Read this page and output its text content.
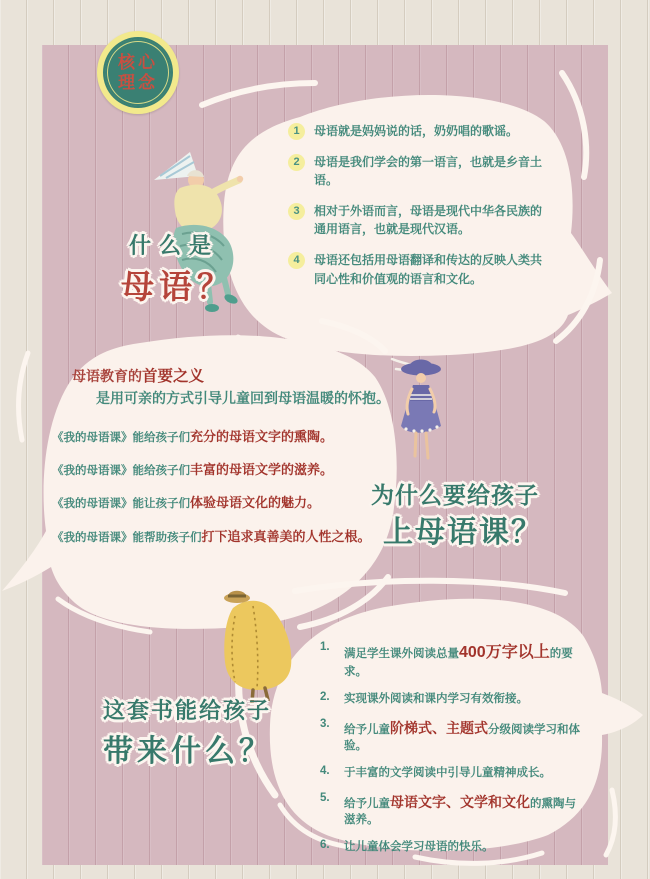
核心
理念
1	母语就是妈妈说的话，奶奶唱的歌谣。
2	母语是我们学会的第一语言，也就是乡音土语。
3	相对于外语而言，母语是现代中华各民族的通用语言，也就是现代汉语。
4	母语还包括用母语翻译和传达的反映人类共同心性和价值观的语言和文化。
什么是
母语？
母语教育的首要之义
是用可亲的方式引导儿童回到母语温暖的怀抱。
《我的母语课》能给孩子们充分的母语文字的熏陶。
《我的母语课》能给孩子们丰富的母语文学的滋养。
《我的母语课》能让孩子们体验母语文化的魅力。
《我的母语课》能帮助孩子们打下追求真善美的人性之根。
为什么要给孩子
上母语课？
1.
满足学生课外阅读总量400万字以上的要求。
2.	实现课外阅读和课内学习有效衔接。
3.	给予儿童阶梯式、主题式分级阅读学习和体验。
4.	于丰富的文学阅读中引导儿童精神成长。
5.	给予儿童母语文字、文学和文化的熏陶与滋养。
6.	让儿童体会学习母语的快乐。
这套书能给孩子
带来什么？
